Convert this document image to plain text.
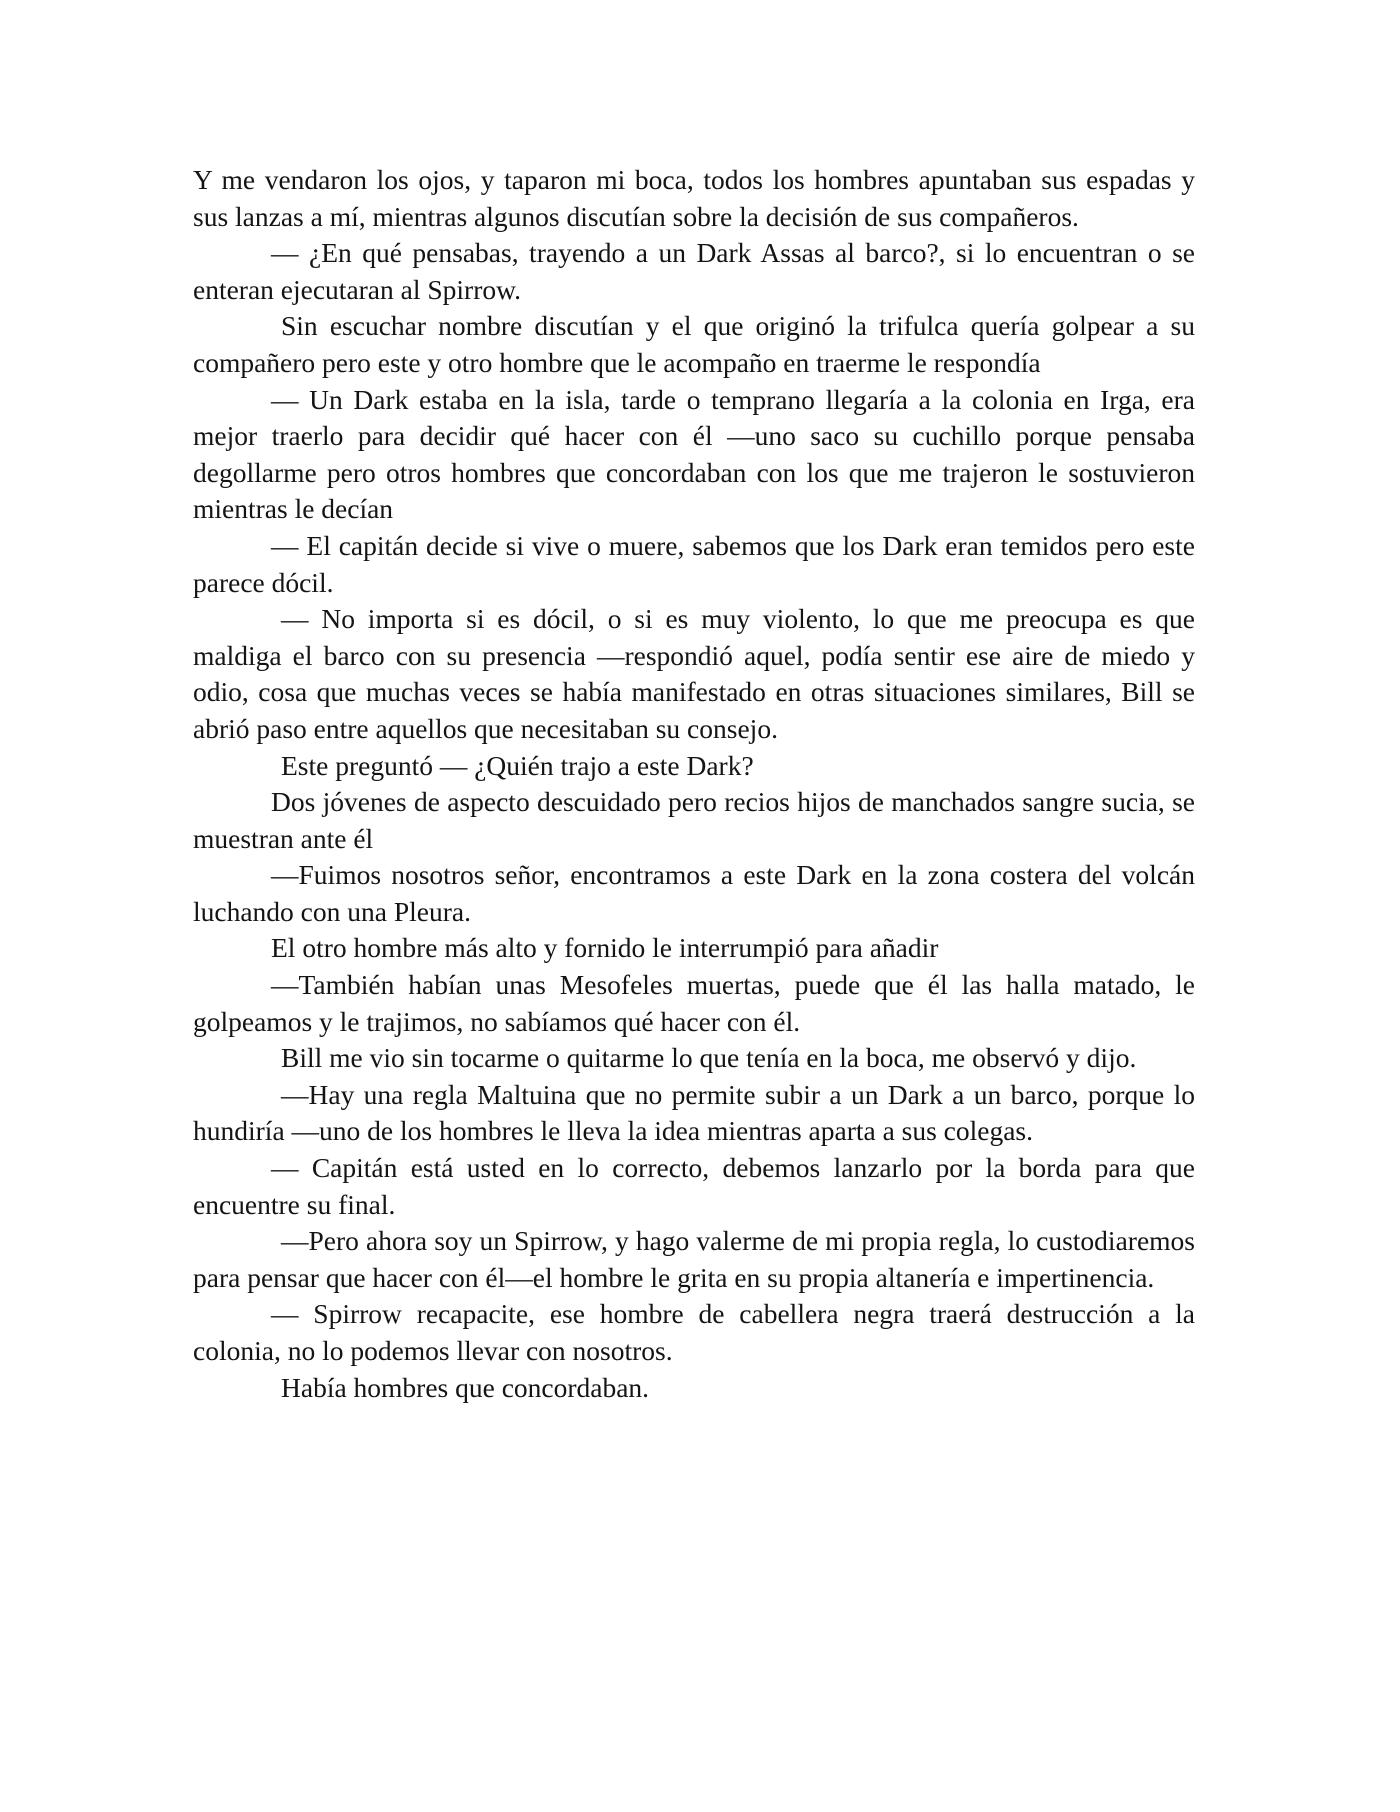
Y me vendaron los ojos, y taparon mi boca, todos los hombres apuntaban sus espadas y sus lanzas a mí, mientras algunos discutían sobre la decisión de sus compañeros.

— ¿En qué pensabas, trayendo a un Dark Assas al barco?, si lo encuentran o se enteran ejecutaran al Spirrow.

Sin escuchar nombre discutían y el que originó la trifulca quería golpear a su compañero pero este y otro hombre que le acompaño en traerme le respondía

— Un Dark estaba en la isla, tarde o temprano llegaría a la colonia en Irga, era mejor traerlo para decidir qué hacer con él —uno saco su cuchillo porque pensaba degollarme pero otros hombres que concordaban con los que me trajeron le sostuvieron mientras le decían

— El capitán decide si vive o muere, sabemos que los Dark eran temidos pero este parece dócil.

— No importa si es dócil, o si es muy violento, lo que me preocupa es que maldiga el barco con su presencia —respondió aquel, podía sentir ese aire de miedo y odio, cosa que muchas veces se había manifestado en otras situaciones similares, Bill se abrió paso entre aquellos que necesitaban su consejo.

Este preguntó — ¿Quién trajo a este Dark?

Dos jóvenes de aspecto descuidado pero recios hijos de manchados sangre sucia, se muestran ante él

—Fuimos nosotros señor, encontramos a este Dark en la zona costera del volcán luchando con una Pleura.

El otro hombre más alto y fornido le interrumpió para añadir

—También habían unas Mesofeles muertas, puede que él las halla matado, le golpeamos y le trajimos, no sabíamos qué hacer con él.

Bill me vio sin tocarme o quitarme lo que tenía en la boca, me observó y dijo.

—Hay una regla Maltuina que no permite subir a un Dark a un barco, porque lo hundiría —uno de los hombres le lleva la idea mientras aparta a sus colegas.

— Capitán está usted en lo correcto, debemos lanzarlo por la borda para que encuentre su final.

—Pero ahora soy un Spirrow, y hago valerme de mi propia regla, lo custodiaremos para pensar que hacer con él—el hombre le grita en su propia altanería e impertinencia.

— Spirrow recapacite, ese hombre de cabellera negra traerá destrucción a la colonia, no lo podemos llevar con nosotros.

Había hombres que concordaban.
